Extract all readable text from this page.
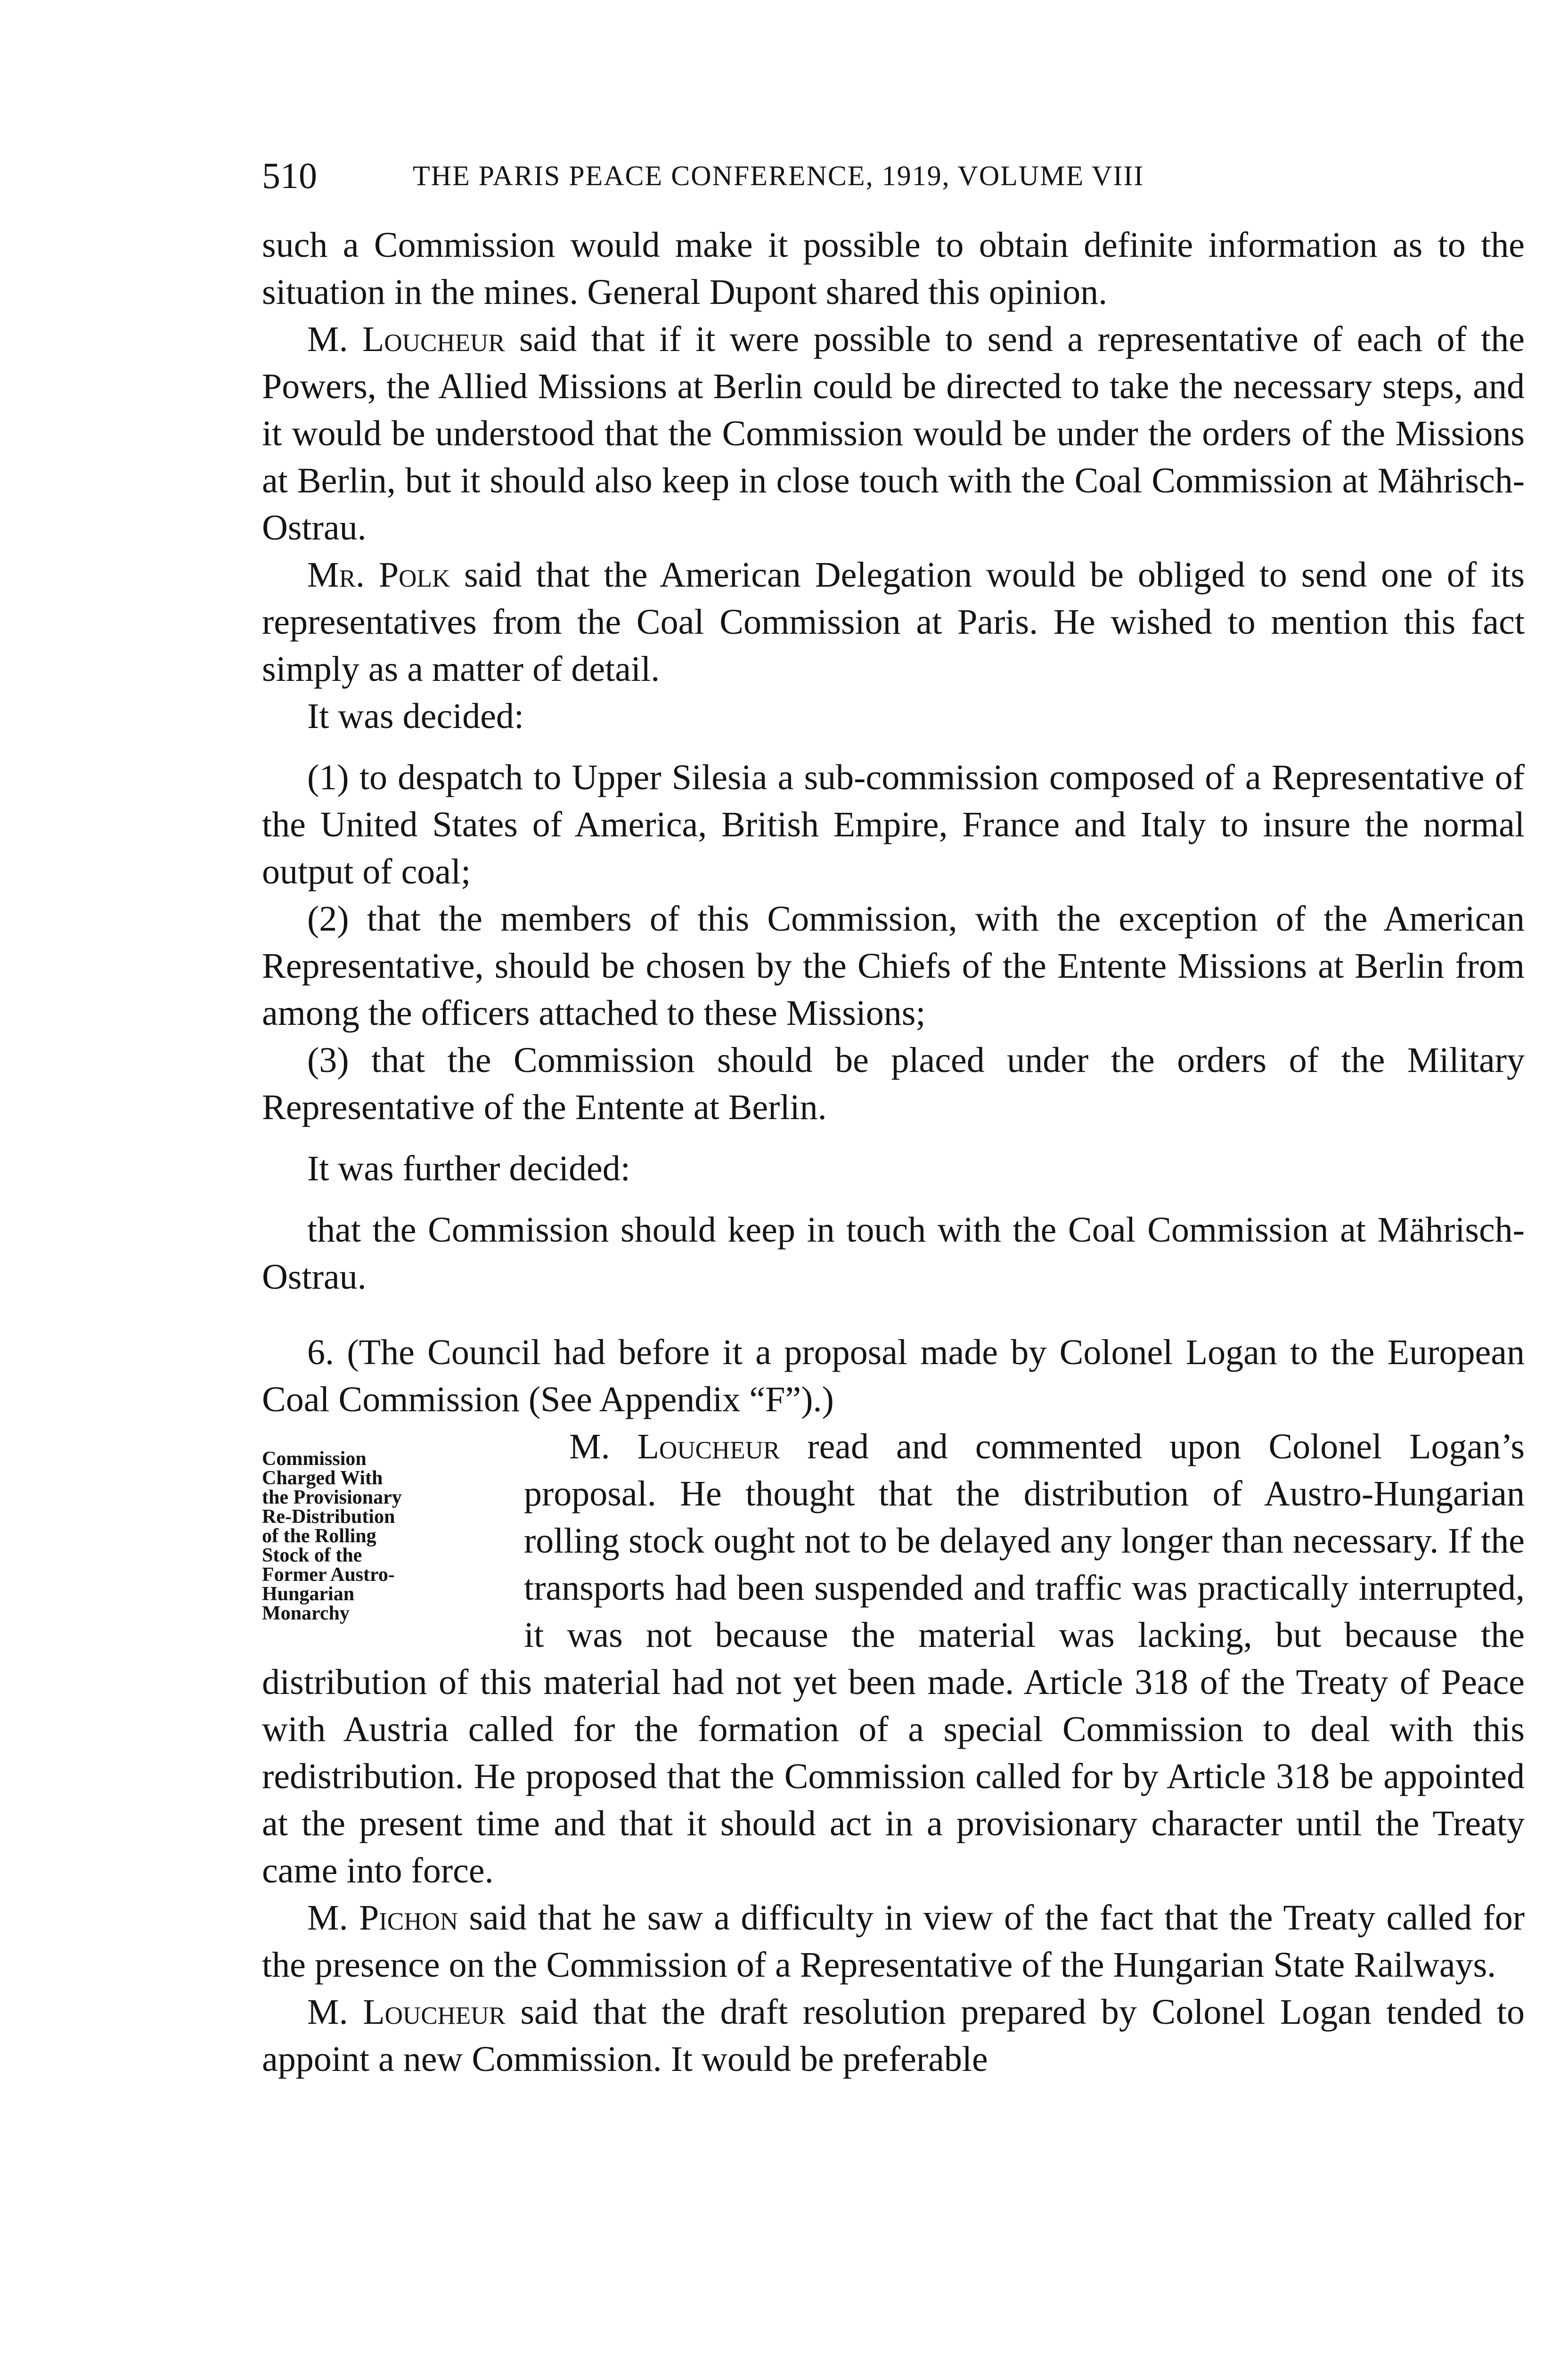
510	THE PARIS PEACE CONFERENCE, 1919, VOLUME VIII

such a Commission would make it possible to obtain definite information as to the situation in the mines. General Dupont shared this opinion.

M. Loucheur said that if it were possible to send a representative of each of the Powers, the Allied Missions at Berlin could be directed to take the necessary steps, and it would be understood that the Commission would be under the orders of the Missions at Berlin, but it should also keep in close touch with the Coal Commission at Mährisch-Ostrau.

Mr. Polk said that the American Delegation would be obliged to send one of its representatives from the Coal Commission at Paris. He wished to mention this fact simply as a matter of detail.

It was decided:

(1) to despatch to Upper Silesia a sub-commission composed of a Representative of the United States of America, British Empire, France and Italy to insure the normal output of coal;

(2) that the members of this Commission, with the exception of the American Representative, should be chosen by the Chiefs of the Entente Missions at Berlin from among the officers attached to these Missions;

(3) that the Commission should be placed under the orders of the Military Representative of the Entente at Berlin.

It was further decided:

that the Commission should keep in touch with the Coal Commission at Mährisch-Ostrau.

6. (The Council had before it a proposal made by Colonel Logan to the European Coal Commission (See Appendix “F”).)

Commission
Charged With
the Provisionary
Re-Distribution
of the Rolling
Stock of the
Former Austro-
Hungarian
Monarchy

M. Loucheur read and commented upon Colonel Logan’s proposal. He thought that the distribution of Austro-Hungarian rolling stock ought not to be delayed any longer than necessary. If the transports had been suspended and traffic was practically interrupted, it was not because the material was lacking, but because the distribution of this material had not yet been made. Article 318 of the Treaty of Peace with Austria called for the formation of a special Commission to deal with this redistribution. He proposed that the Commission called for by Article 318 be appointed at the present time and that it should act in a provisionary character until the Treaty came into force.

M. Pichon said that he saw a difficulty in view of the fact that the Treaty called for the presence on the Commission of a Representative of the Hungarian State Railways.

M. Loucheur said that the draft resolution prepared by Colonel Logan tended to appoint a new Commission. It would be preferable
